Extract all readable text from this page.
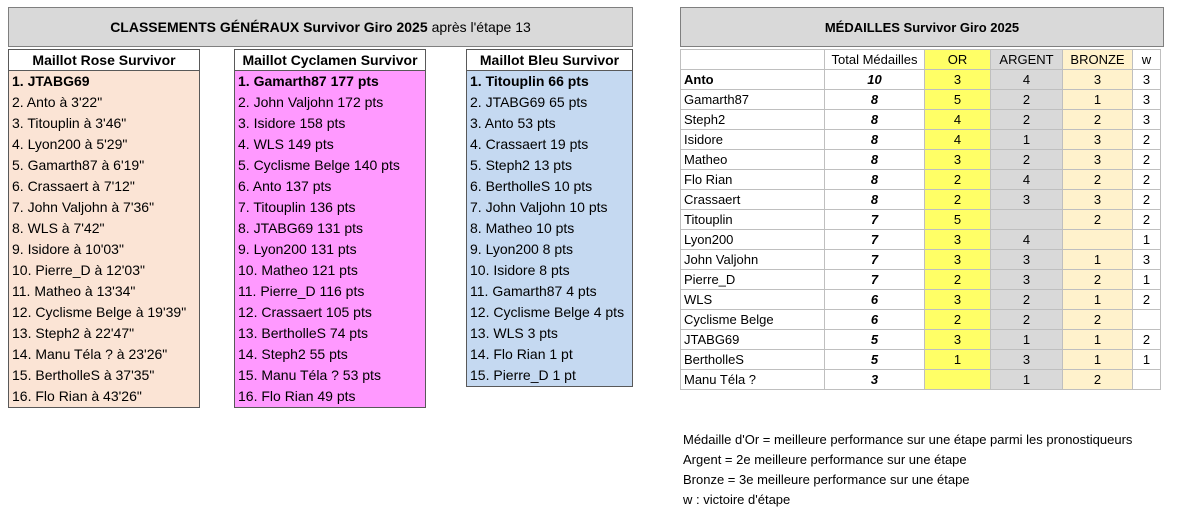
CLASSEMENTS GÉNÉRAUX Survivor Giro 2025 après l'étape 13	MÉDAILLES Survivor Giro 2025
Maillot Rose Survivor
1. JTABG69
2. Anto à 3'22"
3. Titouplin à 3'46"
4. Lyon200 à 5'29"
5. Gamarth87 à 6'19"
6. Crassaert à 7'12"
7. John Valjohn à 7'36"
8. WLS à 7'42"
9. Isidore à 10'03"
10. Pierre_D à 12'03"
11. Matheo à 13'34"
12. Cyclisme Belge à 19'39"
13. Steph2 à 22'47"
14. Manu Téla ? à 23'26"
15. BertholleS à 37'35"
16. Flo Rian à 43'26"
Maillot Cyclamen Survivor
1. Gamarth87 177 pts
2. John Valjohn 172 pts
3. Isidore 158 pts
4. WLS 149 pts
5. Cyclisme Belge 140 pts
6. Anto 137 pts
7. Titouplin 136 pts
8. JTABG69 131 pts
9. Lyon200 131 pts
10. Matheo 121 pts
11. Pierre_D 116 pts
12. Crassaert 105 pts
13. BertholleS 74 pts
14. Steph2 55 pts
15. Manu Téla ? 53 pts
16. Flo Rian 49 pts
Maillot Bleu Survivor
1. Titouplin 66 pts
2. JTABG69 65 pts
3. Anto 53 pts
4. Crassaert 19 pts
5. Steph2 13 pts
6. BertholleS 10 pts
7. John Valjohn 10 pts
8. Matheo 10 pts
9. Lyon200 8 pts
10. Isidore 8 pts
11. Gamarth87 4 pts
12. Cyclisme Belge 4 pts
13. WLS 3 pts
14. Flo Rian 1 pt
15. Pierre_D 1 pt
	Total Médailles	OR	ARGENT	BRONZE	w
Anto	10	3	4	3	3
Gamarth87	8	5	2	1	3
Steph2	8	4	2	2	3
Isidore	8	4	1	3	2
Matheo	8	3	2	3	2
Flo Rian	8	2	4	2	2
Crassaert	8	2	3	3	2
Titouplin	7	5		2	2
Lyon200	7	3	4		1
John Valjohn	7	3	3	1	3
Pierre_D	7	2	3	2	1
WLS	6	3	2	1	2
Cyclisme Belge	6	2	2	2	
JTABG69	5	3	1	1	2
BertholleS	5	1	3	1	1
Manu Téla ?	3		1	2	
Médaille d'Or = meilleure performance sur une étape parmi les pronostiqueurs
Argent = 2e meilleure performance sur une étape
Bronze = 3e meilleure performance sur une étape
w : victoire d'étape
